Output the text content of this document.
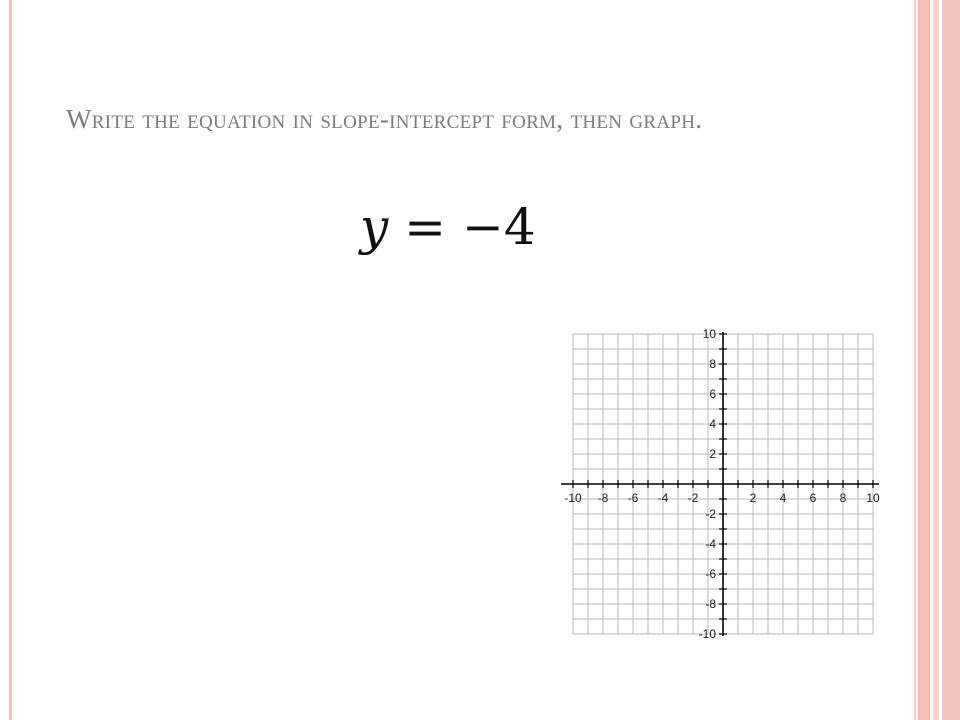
Write the equation in slope-intercept form, then graph.
y = −4
-10 -8 -6 -4 -2	2 4 6 8 10
10
8
6
4
2
-2
-4
-6
-8
-10
